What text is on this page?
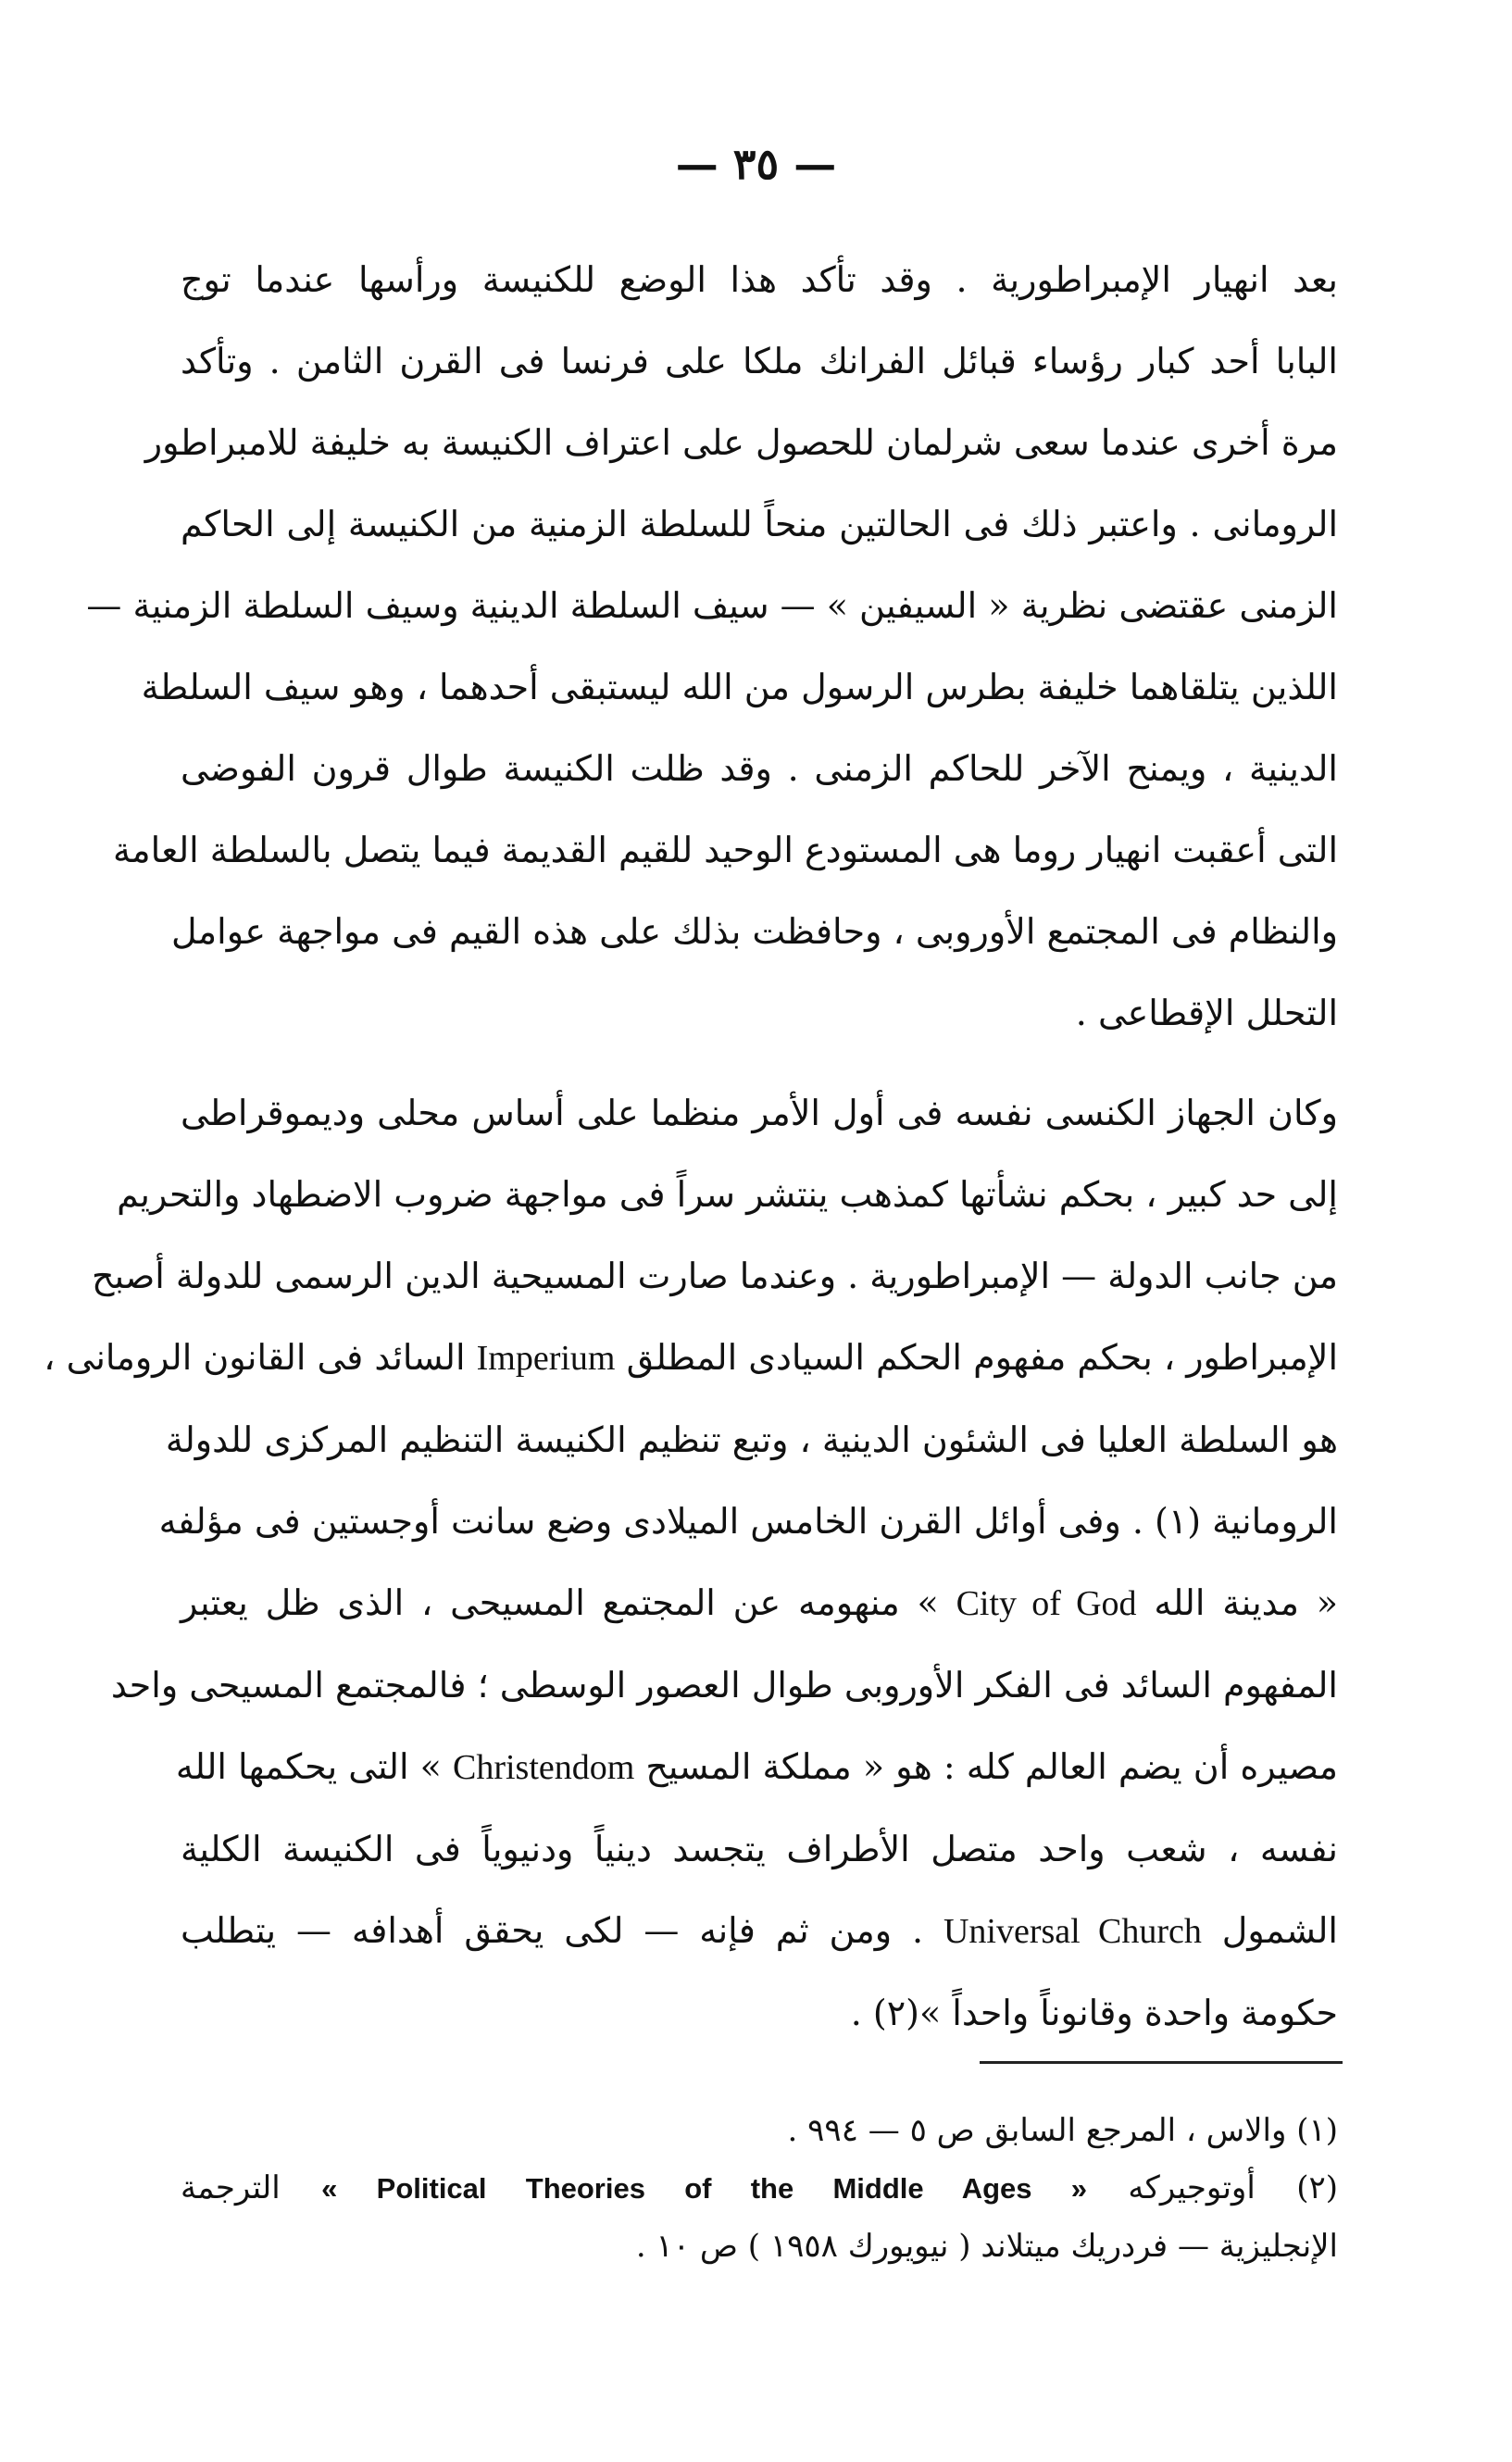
— ٣٥ —
بعد انهيار الإمبراطورية . وقد تأكد هذا الوضع للكنيسة ورأسها عندما توج
البابا أحد كبار رؤساء قبائل الفرانك ملكا على فرنسا فى القرن الثامن . وتأكد
مرة أخرى عندما سعى شرلمان للحصول على اعتراف الكنيسة به خليفة للامبراطور
الرومانى . واعتبر ذلك فى الحالتين منحاً للسلطة الزمنية من الكنيسة إلى الحاكم
الزمنى عقتضى نظرية « السيفين » — سيف السلطة الدينية وسيف السلطة الزمنية —
اللذين يتلقاهما خليفة بطرس الرسول من الله ليستبقى أحدهما ، وهو سيف السلطة
الدينية ، ويمنح الآخر للحاكم الزمنى . وقد ظلت الكنيسة طوال قرون الفوضى
التى أعقبت انهيار روما هى المستودع الوحيد للقيم القديمة فيما يتصل بالسلطة العامة
والنظام فى المجتمع الأوروبى ، وحافظت بذلك على هذه القيم فى مواجهة عوامل
التحلل الإقطاعى .
وكان الجهاز الكنسى نفسه فى أول الأمر منظما على أساس محلى وديموقراطى
إلى حد كبير ، بحكم نشأتها كمذهب ينتشر سراً فى مواجهة ضروب الاضطهاد والتحريم
من جانب الدولة — الإمبراطورية . وعندما صارت المسيحية الدين الرسمى للدولة أصبح
الإمبراطور ، بحكم مفهوم الحكم السيادى المطلق Imperium السائد فى القانون الرومانى ،
هو السلطة العليا فى الشئون الدينية ، وتبع تنظيم الكنيسة التنظيم المركزى للدولة
الرومانية (١) . وفى أوائل القرن الخامس الميلادى وضع سانت أوجستين فى مؤلفه
« مدينة الله City of God » منهومه عن المجتمع المسيحى ، الذى ظل يعتبر
المفهوم السائد فى الفكر الأوروبى طوال العصور الوسطى ؛ فالمجتمع المسيحى واحد
مصيره أن يضم العالم كله : هو « مملكة المسيح Christendom » التى يحكمها الله
نفسه ، شعب واحد متصل الأطراف يتجسد دينياً ودنيوياً فى الكنيسة الكلية
الشمول Universal Church . ومن ثم فإنه — لكى يحقق أهدافه — يتطلب
حكومة واحدة وقانوناً واحداً »(٢) .
(١) والاس ، المرجع السابق ص ٥ — ٩٩٤ .
(٢) أوتوجيركه « Political Theories of the Middle Ages » الترجمة
الإنجليزية — فردريك ميتلاند ( نيويورك ١٩٥٨ ) ص ١٠ .
